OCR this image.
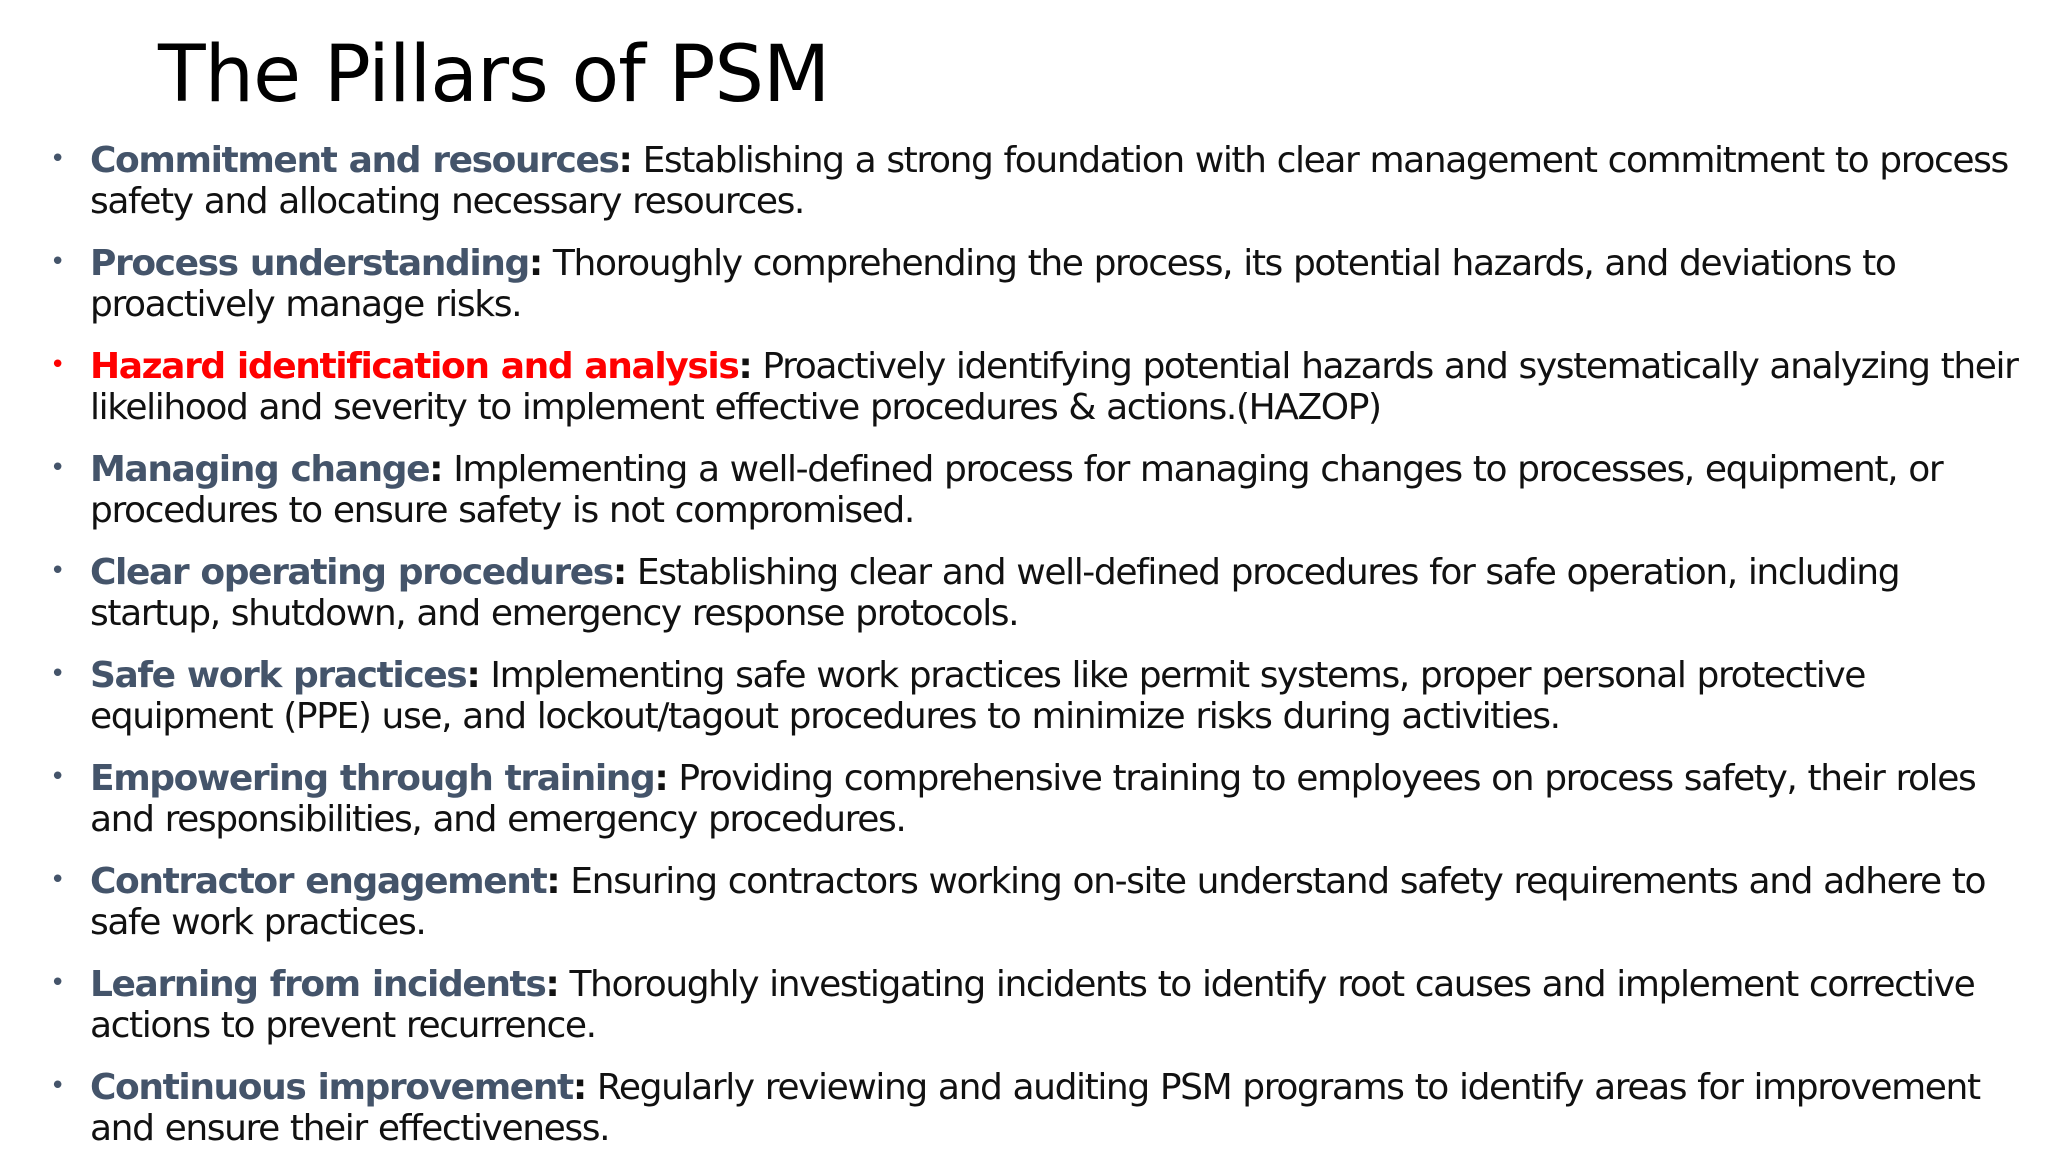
The Pillars of PSM
• Commitment and resources: Establishing a strong foundation with clear management commitment to process safety and allocating necessary resources.
• Process understanding: Thoroughly comprehending the process, its potential hazards, and deviations to proactively manage risks.
• Hazard identification and analysis: Proactively identifying potential hazards and systematically analyzing their likelihood and severity to implement effective procedures & actions.(HAZOP)
• Managing change: Implementing a well-defined process for managing changes to processes, equipment, or procedures to ensure safety is not compromised.
• Clear operating procedures: Establishing clear and well-defined procedures for safe operation, including startup, shutdown, and emergency response protocols.
• Safe work practices: Implementing safe work practices like permit systems, proper personal protective equipment (PPE) use, and lockout/tagout procedures to minimize risks during activities.
• Empowering through training: Providing comprehensive training to employees on process safety, their roles and responsibilities, and emergency procedures.
• Contractor engagement: Ensuring contractors working on-site understand safety requirements and adhere to safe work practices.
• Learning from incidents: Thoroughly investigating incidents to identify root causes and implement corrective actions to prevent recurrence.
• Continuous improvement: Regularly reviewing and auditing PSM programs to identify areas for improvement and ensure their effectiveness.
